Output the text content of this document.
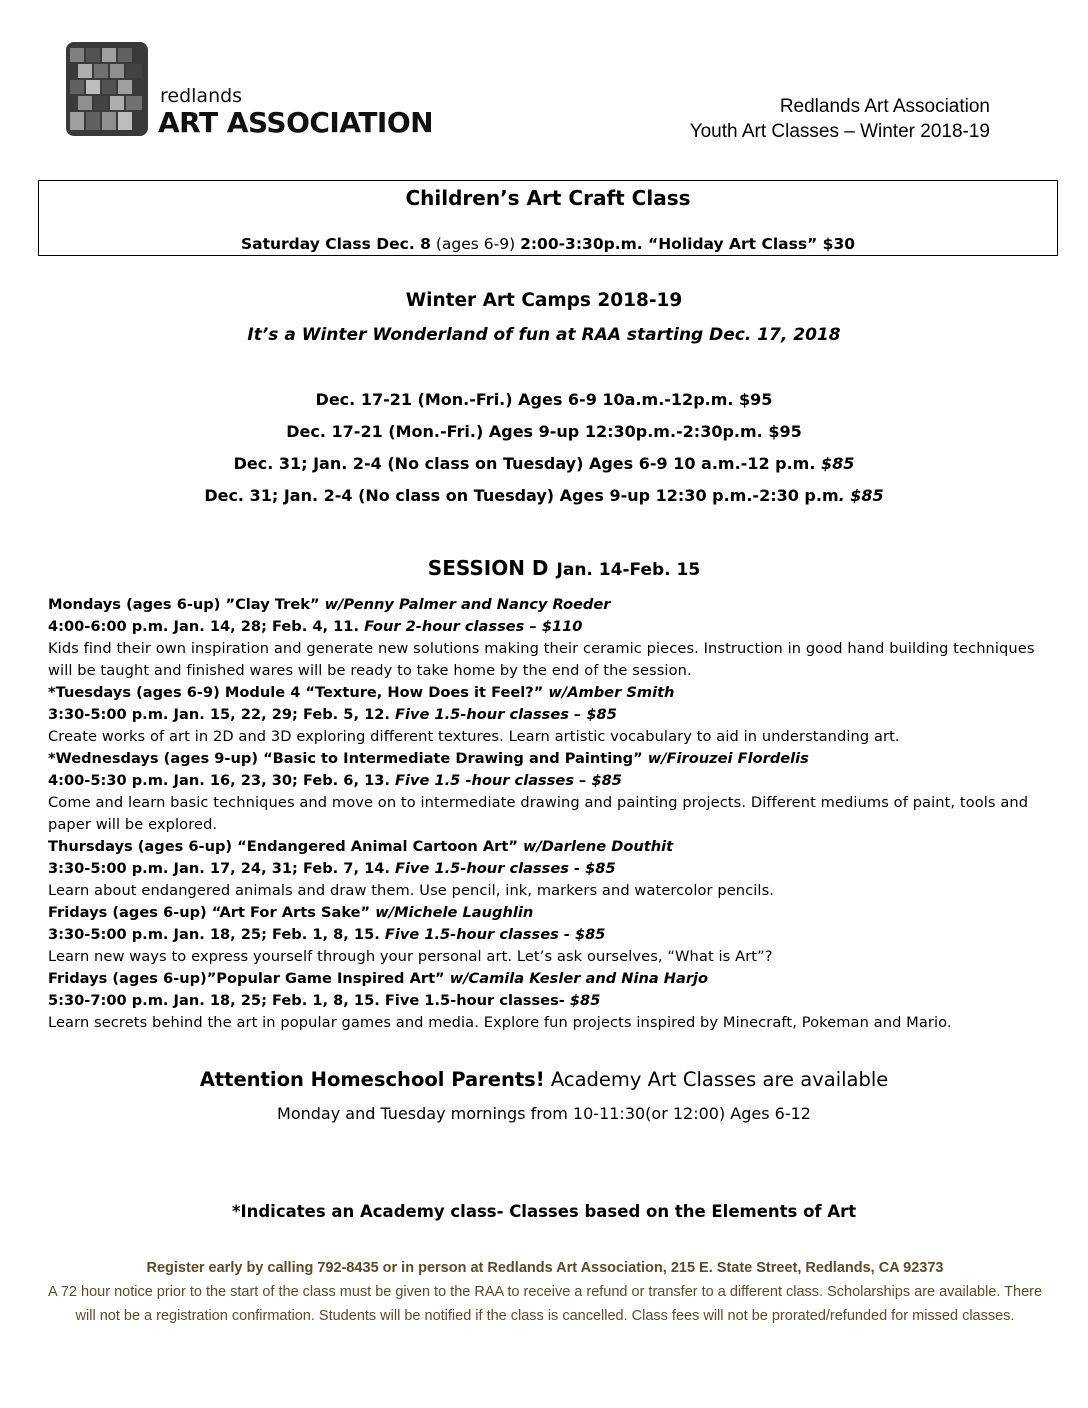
redlands
ART ASSOCIATION	Redlands Art Association
Youth Art Classes – Winter 2018-19
Children’s Art Craft Class
Saturday Class Dec. 8 (ages 6-9) 2:00-3:30p.m. “Holiday Art Class” $30
Winter Art Camps 2018-19
It’s a Winter Wonderland of fun at RAA starting Dec. 17, 2018
Dec. 17-21 (Mon.-Fri.) Ages 6-9 10a.m.-12p.m. $95
Dec. 17-21 (Mon.-Fri.) Ages 9-up 12:30p.m.-2:30p.m. $95
Dec. 31; Jan. 2-4 (No class on Tuesday) Ages 6-9 10 a.m.-12 p.m. $85
Dec. 31; Jan. 2-4 (No class on Tuesday) Ages 9-up 12:30 p.m.-2:30 p.m. $85
SESSION D Jan. 14-Feb. 15

Mondays (ages 6-up) ”Clay Trek” w/Penny Palmer and Nancy Roeder

4:00-6:00 p.m. Jan. 14, 28; Feb. 4, 11. Four 2-hour classes – $110

Kids find their own inspiration and generate new solutions making their ceramic pieces. Instruction in good hand building techniques will be taught and finished wares will be ready to take home by the end of the session.

*Tuesdays (ages 6-9) Module 4 “Texture, How Does it Feel?” w/Amber Smith

3:30-5:00 p.m. Jan. 15, 22, 29; Feb. 5, 12. Five 1.5-hour classes – $85

Create works of art in 2D and 3D exploring different textures. Learn artistic vocabulary to aid in understanding art.

*Wednesdays (ages 9-up) “Basic to Intermediate Drawing and Painting” w/Firouzei Flordelis

4:00-5:30 p.m. Jan. 16, 23, 30; Feb. 6, 13. Five 1.5 -hour classes – $85

Come and learn basic techniques and move on to intermediate drawing and painting projects. Different mediums of paint, tools and paper will be explored.

Thursdays (ages 6-up) “Endangered Animal Cartoon Art” w/Darlene Douthit

3:30-5:00 p.m. Jan. 17, 24, 31; Feb. 7, 14. Five 1.5-hour classes - $85

Learn about endangered animals and draw them. Use pencil, ink, markers and watercolor pencils.

Fridays (ages 6-up) “Art For Arts Sake” w/Michele Laughlin

3:30-5:00 p.m. Jan. 18, 25; Feb. 1, 8, 15. Five 1.5-hour classes - $85

Learn new ways to express yourself through your personal art. Let’s ask ourselves, “What is Art”?

Fridays (ages 6-up)”Popular Game Inspired Art” w/Camila Kesler and Nina Harjo

5:30-7:00 p.m. Jan. 18, 25; Feb. 1, 8, 15. Five 1.5-hour classes- $85

Learn secrets behind the art in popular games and media. Explore fun projects inspired by Minecraft, Pokeman and Mario.

Attention Homeschool Parents! Academy Art Classes are available
Monday and Tuesday mornings from 10-11:30(or 12:00) Ages 6-12
*Indicates an Academy class- Classes based on the Elements of Art
Register early by calling 792-8435 or in person at Redlands Art Association, 215 E. State Street, Redlands, CA 92373
A 72 hour notice prior to the start of the class must be given to the RAA to receive a refund or transfer to a different class. Scholarships are available. There will not be a registration confirmation. Students will be notified if the class is cancelled. Class fees will not be prorated/refunded for missed classes.
